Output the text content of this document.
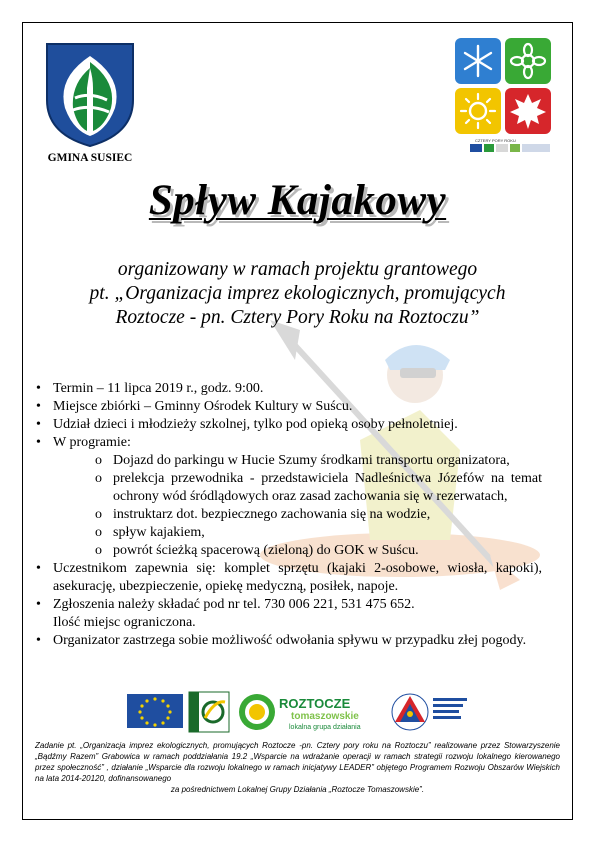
GMINA SUSIEC
CZTERY PORY ROKU
Spływ Kajakowy
organizowany w ramach projektu grantowego
pt. „Organizacja imprez ekologicznych, promujących
Roztocze - pn. Cztery Pory Roku na Roztoczu”
• Termin – 11 lipca 2019 r., godz. 9:00.
• Miejsce zbiórki – Gminny Ośrodek Kultury w Suścu.
• Udział dzieci i młodzieży szkolnej, tylko pod opieką osoby pełnoletniej.
• W programie:
o Dojazd do parkingu w Hucie Szumy środkami transportu organizatora,
o prelekcja przewodnika - przedstawiciela Nadleśnictwa Józefów na temat ochrony wód śródlądowych oraz zasad zachowania się w rezerwatach,
o instruktarz dot. bezpiecznego zachowania się na wodzie,
o spływ kajakiem,
o powrót ścieżką spacerową (zieloną) do GOK w Suścu.
• Uczestnikom zapewnia się: komplet sprzętu (kajaki 2-osobowe, wiosła, kapoki), asekurację, ubezpieczenie, opiekę medyczną, posiłek, napoje.
• Zgłoszenia należy składać pod nr tel. 730 006 221, 531 475 652.
Ilość miejsc ograniczona.
• Organizator zastrzega sobie możliwość odwołania spływu w przypadku złej pogody.
ROZTOCZE
tomaszowskie
lokalna grupa działania
Zadanie pt. „Organizacja imprez ekologicznych, promujących Roztocze -pn. Cztery pory roku na Roztoczu” realizowane przez Stowarzyszenie „Bądźmy Razem” Grabowica w ramach poddziałania 19.2 „Wsparcie na wdrażanie operacji w ramach strategii rozwoju lokalnego kierowanego przez społeczność” , działanie „Wsparcie dla rozwoju lokalnego w ramach inicjatywy LEADER” objętego Programem Rozwoju Obszarów Wiejskich na lata 2014-20120, dofinansowanego
za pośrednictwem Lokalnej Grupy Działania „Roztocze Tomaszowskie”.
